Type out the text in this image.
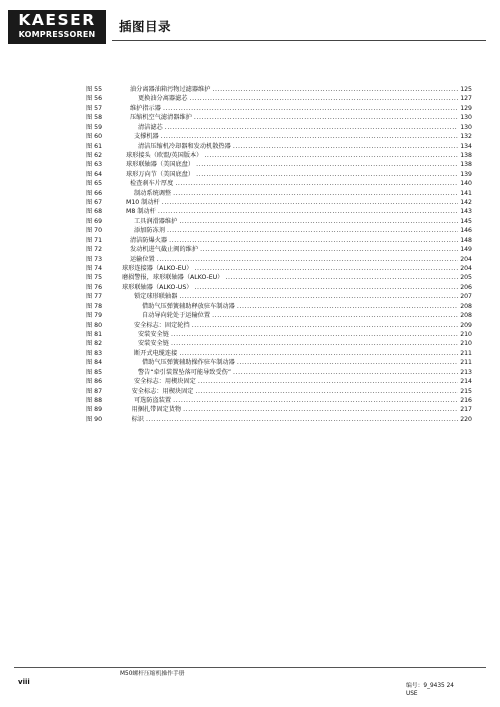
KAESER
KOMPRESSOREN	插图目录
图 55	油分离器油箱污物过滤器维护 .....	125
图 56	更换油分离器滤芯 .....	127
图 57	维护指示器 .....	129
图 58	压缩机空气滤清器维护 .....	130
图 59	清洁滤芯 .....	130
图 60	支撑机器 .....	132
图 61	清洁压缩机冷却器和发动机散热器 .....	134
图 62	球形接头（欧盟/英国版本） .....	138
图 63	球形联轴器（美国底盘） .....	138
图 64	球形万向节（美国底盘） .....	139
图 65	检查刹车片厚度 .....	140
图 66	制动系统调整 .....	141
图 67	M10 制动杆 .....	142
图 68	M8 制动杆 .....	143
图 69	工具润滑器维护 .....	145
图 70	添加防冻剂 .....	146
图 71	清洁防爆火器 .....	148
图 72	发动机进气截止阀的维护 .....	149
图 73	运输位置 .....	204
图 74	球形连接器（ALKO-EU） .....	204
图 75	磨损警报，球形联轴器（ALKO-EU） .....	205
图 76	球形联轴器（ALKO-US） .....	206
图 77	锁定球形联轴器 .....	207
图 78	借助气压弹簧辅助释放驻车制动器 .....	208
图 79	自动导向轮处于运输位置 .....	208
图 80	安全标志：固定轮挡 .....	209
图 81	安装安全链 .....	210
图 82	安装安全链 .....	210
图 83	断开式电缆连接 .....	211
图 84	借助气压弹簧辅助操作驻车制动器 .....	211
图 85	警告“牵引装置坠落可能导致受伤” .....	213
图 86	安全标志：用楔块固定 .....	214
图 87	安全标志：用楔块固定 .....	215
图 88	可选防盗装置 .....	216
图 89	用捆扎带固定货物 .....	217
图 90	标识 .....	220
viii
M50螺杆压缩机操作手册
编号：9_9435 24
USE
